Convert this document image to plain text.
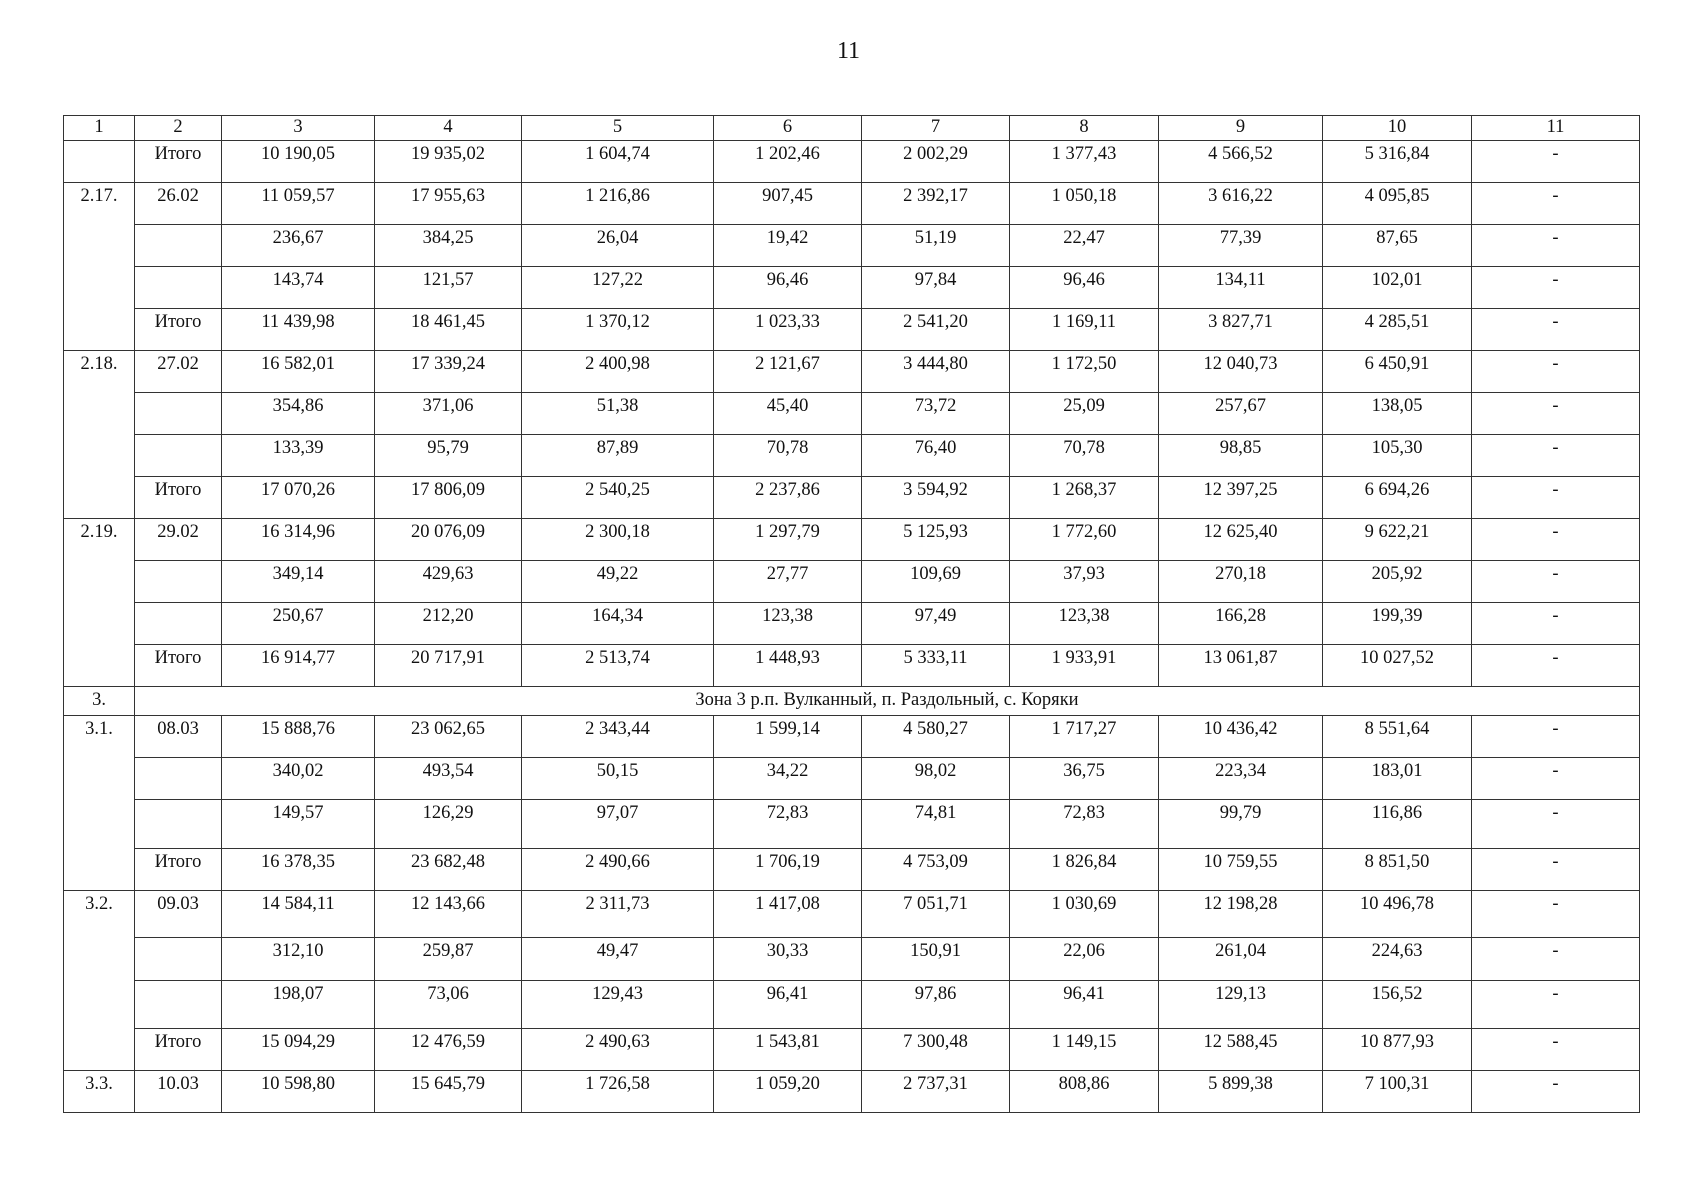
11
1	2	3	4	5	6	7	8	9	10	11
	Итого	10 190,05	19 935,02	1 604,74	1 202,46	2 002,29	1 377,43	4 566,52	5 316,84	-
2.17.	26.02	11 059,57	17 955,63	1 216,86	907,45	2 392,17	1 050,18	3 616,22	4 095,85	-
		236,67	384,25	26,04	19,42	51,19	22,47	77,39	87,65	-
		143,74	121,57	127,22	96,46	97,84	96,46	134,11	102,01	-
	Итого	11 439,98	18 461,45	1 370,12	1 023,33	2 541,20	1 169,11	3 827,71	4 285,51	-
2.18.	27.02	16 582,01	17 339,24	2 400,98	2 121,67	3 444,80	1 172,50	12 040,73	6 450,91	-
		354,86	371,06	51,38	45,40	73,72	25,09	257,67	138,05	-
		133,39	95,79	87,89	70,78	76,40	70,78	98,85	105,30	-
	Итого	17 070,26	17 806,09	2 540,25	2 237,86	3 594,92	1 268,37	12 397,25	6 694,26	-
2.19.	29.02	16 314,96	20 076,09	2 300,18	1 297,79	5 125,93	1 772,60	12 625,40	9 622,21	-
		349,14	429,63	49,22	27,77	109,69	37,93	270,18	205,92	-
		250,67	212,20	164,34	123,38	97,49	123,38	166,28	199,39	-
	Итого	16 914,77	20 717,91	2 513,74	1 448,93	5 333,11	1 933,91	13 061,87	10 027,52	-
3.	Зона 3 р.п. Вулканный, п. Раздольный, с. Коряки									
3.1.	08.03	15 888,76	23 062,65	2 343,44	1 599,14	4 580,27	1 717,27	10 436,42	8 551,64	-
		340,02	493,54	50,15	34,22	98,02	36,75	223,34	183,01	-
		149,57	126,29	97,07	72,83	74,81	72,83	99,79	116,86	-
	Итого	16 378,35	23 682,48	2 490,66	1 706,19	4 753,09	1 826,84	10 759,55	8 851,50	-
3.2.	09.03	14 584,11	12 143,66	2 311,73	1 417,08	7 051,71	1 030,69	12 198,28	10 496,78	-
		312,10	259,87	49,47	30,33	150,91	22,06	261,04	224,63	-
		198,07	73,06	129,43	96,41	97,86	96,41	129,13	156,52	-
	Итого	15 094,29	12 476,59	2 490,63	1 543,81	7 300,48	1 149,15	12 588,45	10 877,93	-
3.3.	10.03	10 598,80	15 645,79	1 726,58	1 059,20	2 737,31	808,86	5 899,38	7 100,31	-
